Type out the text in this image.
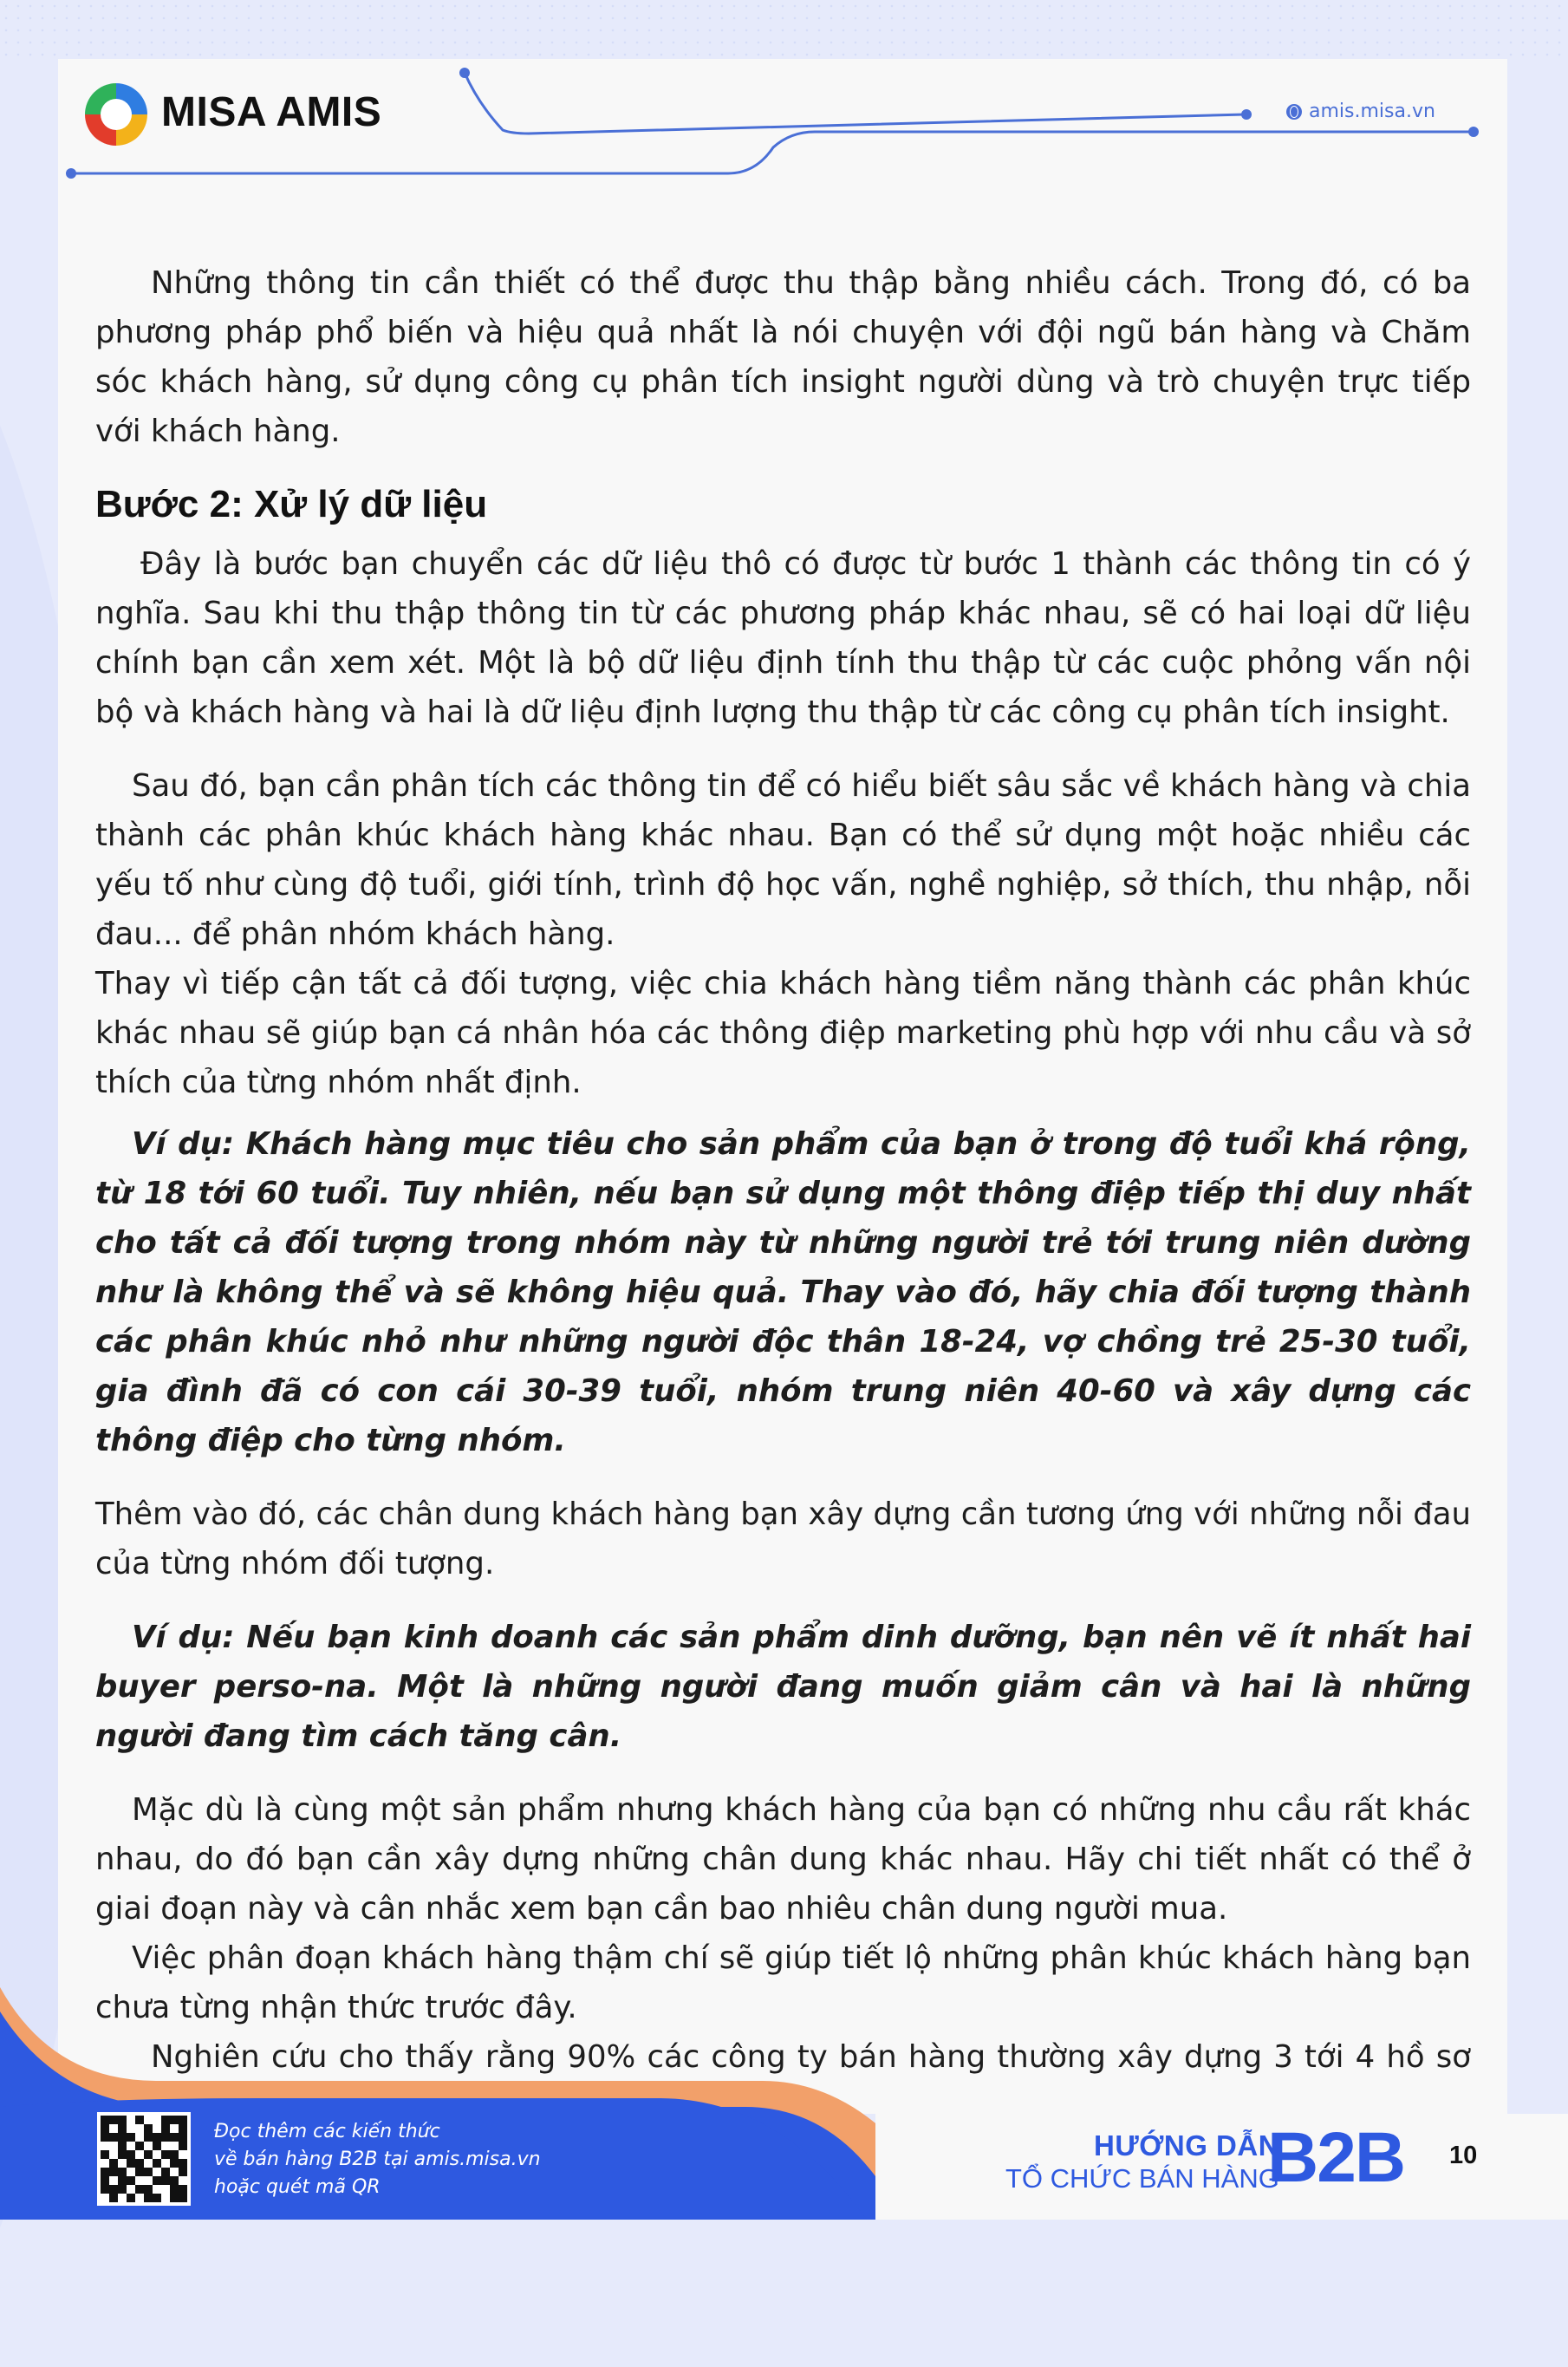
MISA AMIS	amis.misa.vn

Những thông tin cần thiết có thể được thu thập bằng nhiều cách. Trong đó, có ba phương pháp phổ biến và hiệu quả nhất là nói chuyện với đội ngũ bán hàng và Chăm sóc khách hàng, sử dụng công cụ phân tích insight người dùng và trò chuyện trực tiếp với khách hàng.

Bước 2: Xử lý dữ liệu

Đây là bước bạn chuyển các dữ liệu thô có được từ bước 1 thành các thông tin có ý nghĩa. Sau khi thu thập thông tin từ các phương pháp khác nhau, sẽ có hai loại dữ liệu chính bạn cần xem xét. Một là bộ dữ liệu định tính thu thập từ các cuộc phỏng vấn nội bộ và khách hàng và hai là dữ liệu định lượng thu thập từ các công cụ phân tích insight.

Sau đó, bạn cần phân tích các thông tin để có hiểu biết sâu sắc về khách hàng và chia thành các phân khúc khách hàng khác nhau. Bạn có thể sử dụng một hoặc nhiều các yếu tố như cùng độ tuổi, giới tính, trình độ học vấn, nghề nghiệp, sở thích, thu nhập, nỗi đau... để phân nhóm khách hàng.

Thay vì tiếp cận tất cả đối tượng, việc chia khách hàng tiềm năng thành các phân khúc khác nhau sẽ giúp bạn cá nhân hóa các thông điệp marketing phù hợp với nhu cầu và sở thích của từng nhóm nhất định.

Ví dụ: Khách hàng mục tiêu cho sản phẩm của bạn ở trong độ tuổi khá rộng, từ 18 tới 60 tuổi. Tuy nhiên, nếu bạn sử dụng một thông điệp tiếp thị duy nhất cho tất cả đối tượng trong nhóm này từ những người trẻ tới trung niên dường như là không thể và sẽ không hiệu quả. Thay vào đó, hãy chia đối tượng thành các phân khúc nhỏ như những người độc thân 18-24, vợ chồng trẻ 25-30 tuổi, gia đình đã có con cái 30-39 tuổi, nhóm trung niên 40-60 và xây dựng các thông điệp cho từng nhóm.

Thêm vào đó, các chân dung khách hàng bạn xây dựng cần tương ứng với những nỗi đau của từng nhóm đối tượng.

Ví dụ: Nếu bạn kinh doanh các sản phẩm dinh dưỡng, bạn nên vẽ ít nhất hai buyer perso-na. Một là những người đang muốn giảm cân và hai là những người đang tìm cách tăng cân.

Mặc dù là cùng một sản phẩm nhưng khách hàng của bạn có những nhu cầu rất khác nhau, do đó bạn cần xây dựng những chân dung khác nhau. Hãy chi tiết nhất có thể ở giai đoạn này và cân nhắc xem bạn cần bao nhiêu chân dung người mua.

Việc phân đoạn khách hàng thậm chí sẽ giúp tiết lộ những phân khúc khách hàng bạn chưa từng nhận thức trước đây.

Nghiên cứu cho thấy rằng 90% các công ty bán hàng thường xây dựng 3 tới 4 hồ sơ

Đọc thêm các kiến thức
về bán hàng B2B tại amis.misa.vn
hoặc quét mã QR
HƯỚNG DẪN
TỔ CHỨC BÁN HÀNG
B2B 10
